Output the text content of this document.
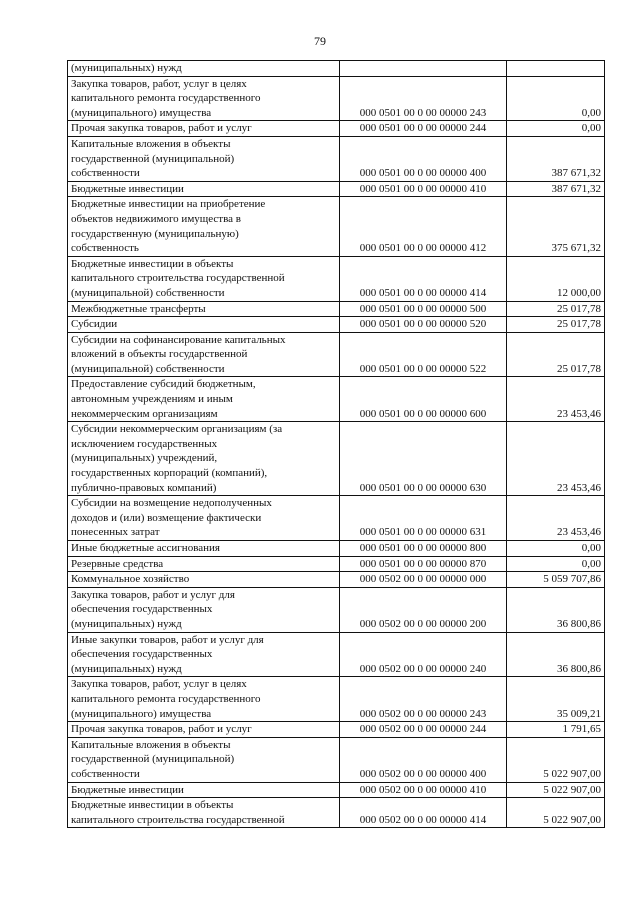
79
(муниципальных) нужд		
Закупка товаров, работ, услуг в целях
капитального ремонта государственного
(муниципального) имущества	000 0501 00 0 00 00000 243	0,00
Прочая закупка товаров, работ и услуг	000 0501 00 0 00 00000 244	0,00
Капитальные вложения в объекты
государственной (муниципальной)
собственности	000 0501 00 0 00 00000 400	387 671,32
Бюджетные инвестиции	000 0501 00 0 00 00000 410	387 671,32
Бюджетные инвестиции на приобретение
объектов недвижимого имущества в
государственную (муниципальную)
собственность	000 0501 00 0 00 00000 412	375 671,32
Бюджетные инвестиции в объекты
капитального строительства государственной
(муниципальной) собственности	000 0501 00 0 00 00000 414	12 000,00
Межбюджетные трансферты	000 0501 00 0 00 00000 500	25 017,78
Субсидии	000 0501 00 0 00 00000 520	25 017,78
Субсидии на софинансирование капитальных
вложений в объекты государственной
(муниципальной) собственности	000 0501 00 0 00 00000 522	25 017,78
Предоставление субсидий бюджетным,
автономным учреждениям и иным
некоммерческим организациям	000 0501 00 0 00 00000 600	23 453,46
Субсидии некоммерческим организациям (за
исключением государственных
(муниципальных) учреждений,
государственных корпораций (компаний),
публично-правовых компаний)	000 0501 00 0 00 00000 630	23 453,46
Субсидии на возмещение недополученных
доходов и (или) возмещение фактически
понесенных затрат	000 0501 00 0 00 00000 631	23 453,46
Иные бюджетные ассигнования	000 0501 00 0 00 00000 800	0,00
Резервные средства	000 0501 00 0 00 00000 870	0,00
Коммунальное хозяйство	000 0502 00 0 00 00000 000	5 059 707,86
Закупка товаров, работ и услуг для
обеспечения государственных
(муниципальных) нужд	000 0502 00 0 00 00000 200	36 800,86
Иные закупки товаров, работ и услуг для
обеспечения государственных
(муниципальных) нужд	000 0502 00 0 00 00000 240	36 800,86
Закупка товаров, работ, услуг в целях
капитального ремонта государственного
(муниципального) имущества	000 0502 00 0 00 00000 243	35 009,21
Прочая закупка товаров, работ и услуг	000 0502 00 0 00 00000 244	1 791,65
Капитальные вложения в объекты
государственной (муниципальной)
собственности	000 0502 00 0 00 00000 400	5 022 907,00
Бюджетные инвестиции	000 0502 00 0 00 00000 410	5 022 907,00
Бюджетные инвестиции в объекты
капитального строительства государственной	000 0502 00 0 00 00000 414	5 022 907,00
